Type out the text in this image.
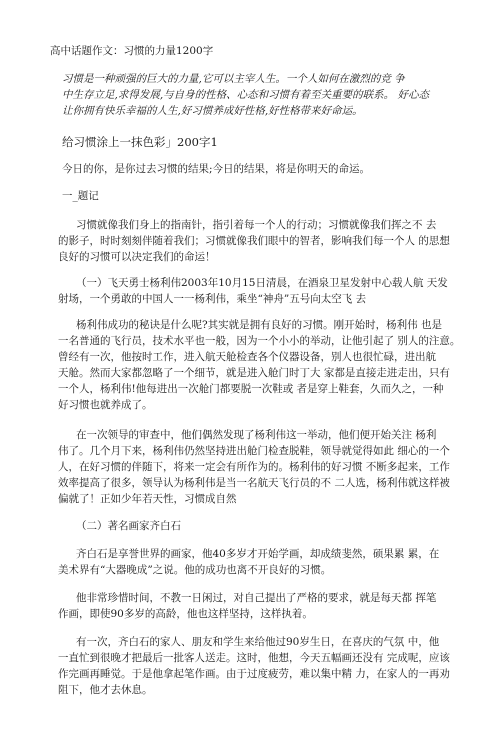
高中话题作文：习惯的力量1200字
习惯是一种顽强的巨大的力量,它可以主宰人生。一个人如何在激烈的竞 争
中生存立足,求得发展,与自身的性格、心态和习惯有着至关重要的联系。 好心态
让你拥有快乐幸福的人生,好习惯养成好性格,好性格带来好命运。
给习惯涂上一抹色彩」200字1
今日的你，是你过去习惯的结果;今日的结果，将是你明天的命运。
一_题记
习惯就像我们身上的指南针，指引着每一个人的行动；习惯就像我们挥之不 去
的影子，时时刻刻伴随着我们；习惯就像我们眼中的智者，影响我们每一个人 的思想
良好的习惯可以决定我们的命运！
（一）飞天勇士杨利伟2003年10月15日清晨，在酒泉卫星发射中心载人航 天发
射场，一个勇敢的中国人一一杨利伟，乘坐“神舟”五号向太空飞 去
杨利伟成功的秘诀是什么呢?其实就是拥有良好的习惯。刚开始时，杨利伟 也是
一名普通的飞行员，技术水平也一般，因为一个小小的举动，让他引起了 别人的注意。
曾经有一次，他按时工作，进入航天舱检查各个仪器设备，别人也很忙碌，进出航
天舱。然而大家都忽略了一个细节，就是进入舱门时丁大 家都是直接走进走出，只有
一个人，杨利伟!他每进出一次舱门都要脱一次鞋或 者是穿上鞋套，久而久之，一种
好习惯也就养成了。
在一次领导的审查中，他们偶然发现了杨利伟这一举动，他们便开始关注 杨利
伟了。几个月下来，杨利伟仍然坚持进出舱门检查脱鞋，领导就觉得如此 细心的一个
人，在好习惯的伴随下，将来一定会有所作为的。杨利伟的好习惯 不断多起来，工作
效率提高了很多，领导认为杨利伟是当一名航天飞行员的不 二人选，杨利伟就这样被
偏就了！正如少年若天性，习惯成自然
（二）著名画家齐白石
齐白石是享誉世界的画家，他40多岁才开始学画，却成绩斐然，硕果累 累，在
美术界有“大器晚成”之说。他的成功也离不开良好的习惯。
他非常珍惜时间，不教一日闲过，对自己提出了严格的要求，就是每天都 挥笔
作画，即使90多岁的高龄，他也这样坚持，这样执着。
有一次，齐白石的家人、朋友和学生来给他过90岁生日，在喜庆的气氛 中，他
一直忙到很晚才把最后一批客人送走。这时，他想，今天五幅画还没有 完成呢，应该
作完画再睡觉。于是他拿起笔作画。由于过度疲劳，难以集中精 力，在家人的一再劝
阻下，他才去休息。
